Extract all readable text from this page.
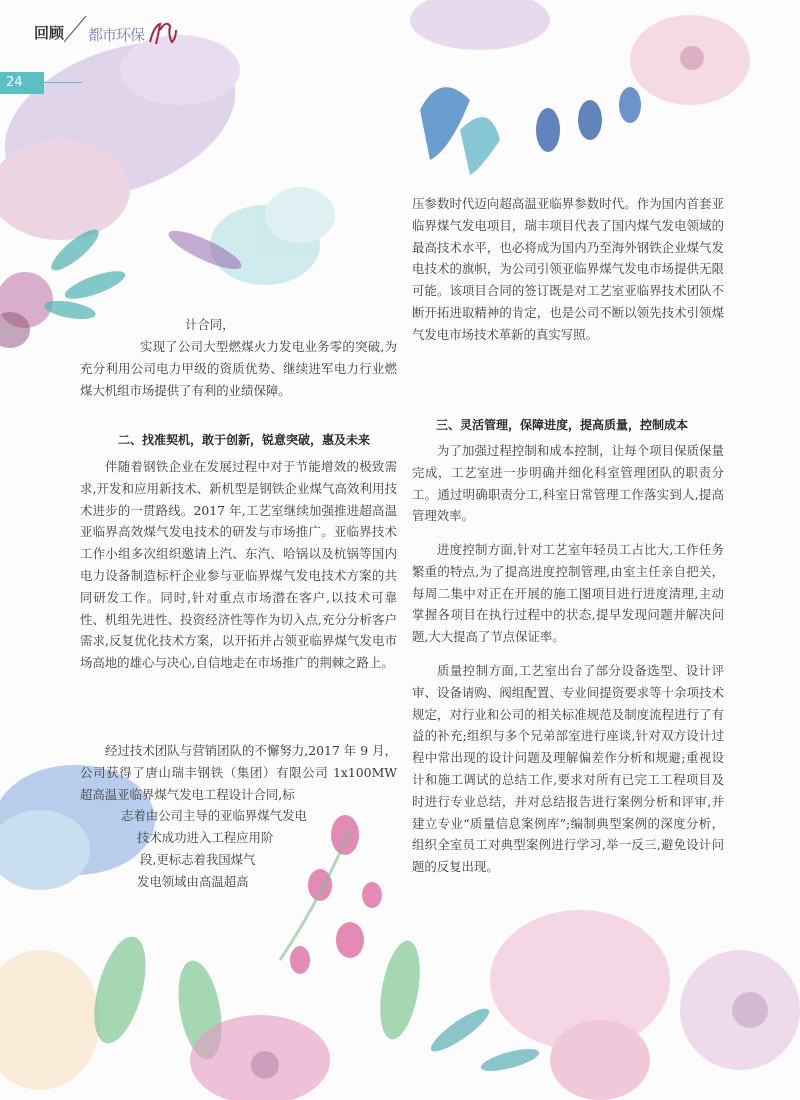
回顾 都市环保
24

计合同，

实现了公司大型燃煤火力发电业务零的突破,为充分利用公司电力甲级的资质优势、继续进军电力行业燃煤大机组市场提供了有利的业绩保障。

二、找准契机，敢于创新，锐意突破，惠及未来

伴随着钢铁企业在发展过程中对于节能增效的极致需求,开发和应用新技术、新机型是钢铁企业煤气高效利用技术进步的一贯路线。2017 年,工艺室继续加强推进超高温亚临界高效煤气发电技术的研发与市场推广。亚临界技术工作小组多次组织邀请上汽、东汽、哈锅以及杭锅等国内电力设备制造标杆企业参与亚临界煤气发电技术方案的共同研发工作。同时,针对重点市场潜在客户,以技术可靠性、机组先进性、投资经济性等作为切入点,充分分析客户需求,反复优化技术方案，以开拓并占领亚临界煤气发电市场高地的雄心与决心,自信地走在市场推广的荆棘之路上。

经过技术团队与营销团队的不懈努力,2017 年 9 月，公司获得了唐山瑞丰钢铁（集团）有限公司 1x100MW 超高温亚临界煤气发电工程设计合同,标

志着由公司主导的亚临界煤气发电

技术成功进入工程应用阶

段,更标志着我国煤气

发电领域由高温超高

压参数时代迈向超高温亚临界参数时代。作为国内首套亚临界煤气发电项目，瑞丰项目代表了国内煤气发电领域的最高技术水平，也必将成为国内乃至海外钢铁企业煤气发电技术的旗帜，为公司引领亚临界煤气发电市场提供无限可能。该项目合同的签订既是对工艺室亚临界技术团队不断开拓进取精神的肯定，也是公司不断以领先技术引领煤气发电市场技术革新的真实写照。

三、灵活管理，保障进度，提高质量，控制成本

为了加强过程控制和成本控制，让每个项目保质保量完成，工艺室进一步明确并细化科室管理团队的职责分工。通过明确职责分工,科室日常管理工作落实到人,提高管理效率。

进度控制方面,针对工艺室年轻员工占比大,工作任务繁重的特点,为了提高进度控制管理,由室主任亲自把关，每周二集中对正在开展的施工图项目进行进度清理,主动掌握各项目在执行过程中的状态,提早发现问题并解决问题,大大提高了节点保证率。

质量控制方面,工艺室出台了部分设备选型、设计评审、设备请购、阀组配置、专业间提资要求等十余项技术规定，对行业和公司的相关标准规范及制度流程进行了有益的补充;组织与多个兄弟部室进行座谈,针对双方设计过程中常出现的设计问题及理解偏差作分析和规避;重视设计和施工调试的总结工作,要求对所有已完工工程项目及时进行专业总结，并对总结报告进行案例分析和评审,并建立专业“质量信息案例库”;编制典型案例的深度分析，组织全室员工对典型案例进行学习,举一反三,避免设计问题的反复出现。
